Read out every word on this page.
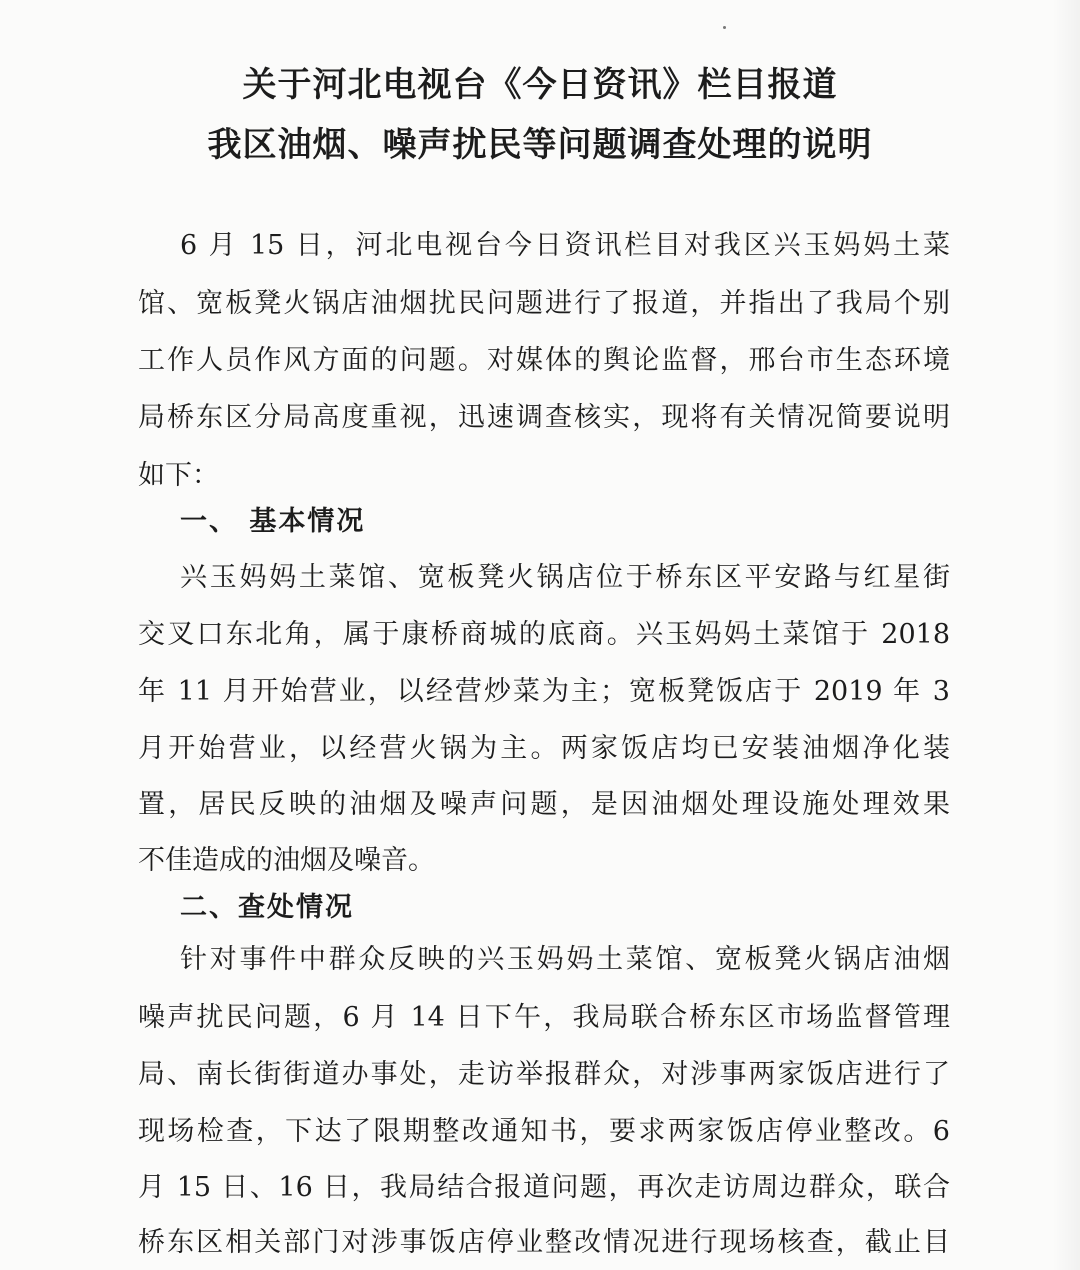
关于河北电视台《今日资讯》栏目报道
我区油烟、噪声扰民等问题调查处理的说明
6 月 15 日，河北电视台今日资讯栏目对我区兴玉妈妈土菜
馆、宽板凳火锅店油烟扰民问题进行了报道，并指出了我局个别
工作人员作风方面的问题。对媒体的舆论监督，邢台市生态环境
局桥东区分局高度重视，迅速调查核实，现将有关情况简要说明
如下：
一、 基本情况
兴玉妈妈土菜馆、宽板凳火锅店位于桥东区平安路与红星街
交叉口东北角，属于康桥商城的底商。兴玉妈妈土菜馆于 2018
年 11 月开始营业，以经营炒菜为主；宽板凳饭店于 2019 年 3
月开始营业，以经营火锅为主。两家饭店均已安装油烟净化装
置，居民反映的油烟及噪声问题，是因油烟处理设施处理效果
不佳造成的油烟及噪音。
二、查处情况
针对事件中群众反映的兴玉妈妈土菜馆、宽板凳火锅店油烟
噪声扰民问题，6 月 14 日下午，我局联合桥东区市场监督管理
局、南长街街道办事处，走访举报群众，对涉事两家饭店进行了
现场检查，下达了限期整改通知书，要求两家饭店停业整改。6
月 15 日、16 日，我局结合报道问题，再次走访周边群众，联合
桥东区相关部门对涉事饭店停业整改情况进行现场核查，截止目
